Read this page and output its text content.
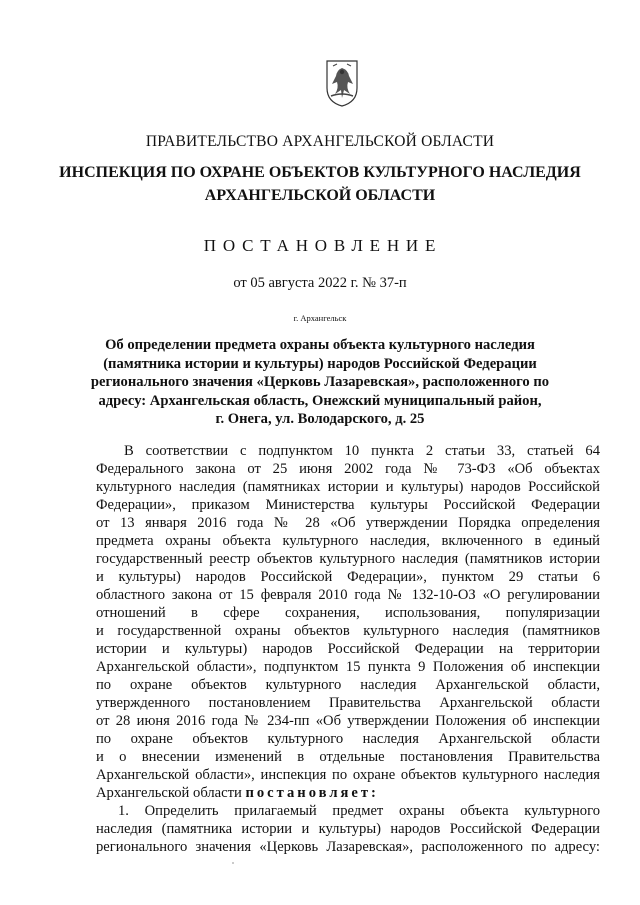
ПРАВИТЕЛЬСТВО АРХАНГЕЛЬСКОЙ ОБЛАСТИ
ИНСПЕКЦИЯ ПО ОХРАНЕ ОБЪЕКТОВ КУЛЬТУРНОГО НАСЛЕДИЯ
АРХАНГЕЛЬСКОЙ ОБЛАСТИ
ПОСТАНОВЛЕНИЕ
от 05 августа 2022 г. № 37-п
г. Архангельск
Об определении предмета охраны объекта культурного наследия
(памятника истории и культуры) народов Российской Федерации
регионального значения «Церковь Лазаревская», расположенного по
адресу: Архангельская область, Онежский муниципальный район,
г. Онега, ул. Володарского, д. 25
В соответствии с подпунктом 10 пункта 2 статьи 33, статьей 64
Федерального закона от 25 июня 2002 года № 73-ФЗ «Об объектах
культурного наследия (памятниках истории и культуры) народов Российской
Федерации», приказом Министерства культуры Российской Федерации
от 13 января 2016 года № 28 «Об утверждении Порядка определения
предмета охраны объекта культурного наследия, включенного в единый
государственный реестр объектов культурного наследия (памятников истории
и культуры) народов Российской Федерации», пунктом 29 статьи 6
областного закона от 15 февраля 2010 года № 132-10-ОЗ «О регулировании
отношений в сфере сохранения, использования, популяризации
и государственной охраны объектов культурного наследия (памятников
истории и культуры) народов Российской Федерации на территории
Архангельской области», подпунктом 15 пункта 9 Положения об инспекции
по охране объектов культурного наследия Архангельской области,
утвержденного постановлением Правительства Архангельской области
от 28 июня 2016 года № 234-пп «Об утверждении Положения об инспекции
по охране объектов культурного наследия Архангельской области
и о внесении изменений в отдельные постановления Правительства
Архангельской области», инспекция по охране объектов культурного наследия
Архангельской области постановляет:
1. Определить прилагаемый предмет охраны объекта культурного
наследия (памятника истории и культуры) народов Российской Федерации
регионального значения «Церковь Лазаревская», расположенного по адресу:
